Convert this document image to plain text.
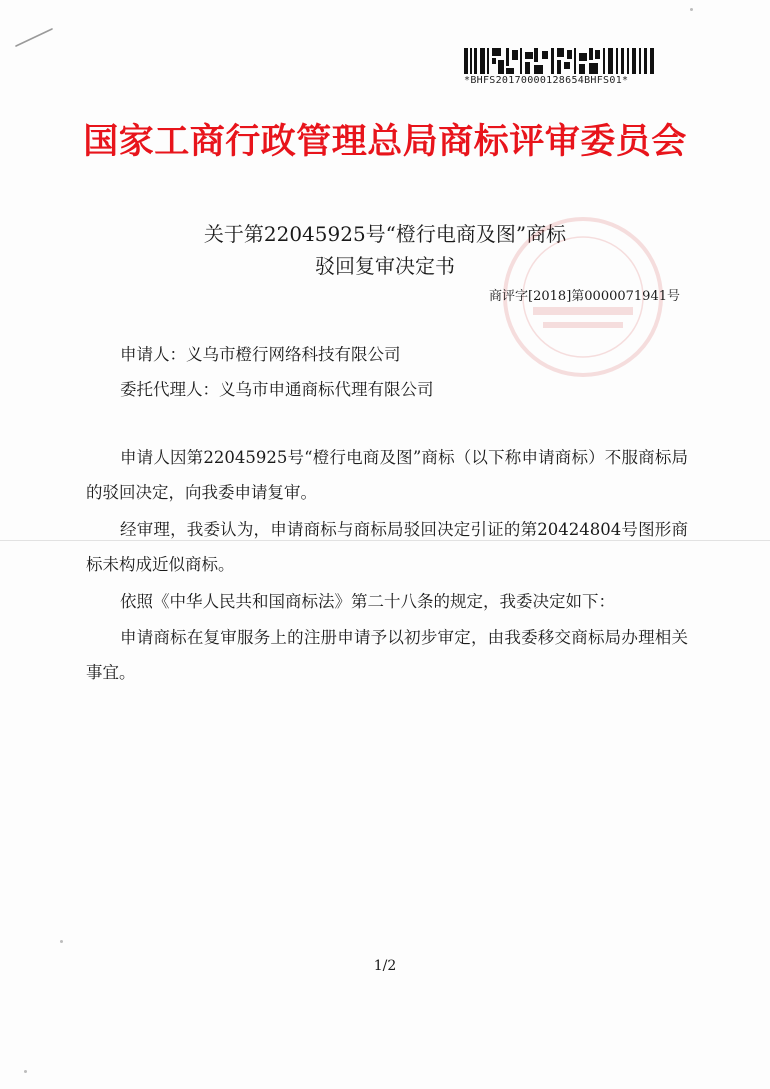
*BHFS20170000128654BHFS01*
国家工商行政管理总局商标评审委员会
关于第22045925号“橙行电商及图”商标
驳回复审决定书
商评字[2018]第0000071941号
申请人：义乌市橙行网络科技有限公司
委托代理人：义乌市申通商标代理有限公司

申请人因第22045925号“橙行电商及图”商标（以下称申请商标）不服商标局的驳回决定，向我委申请复审。

经审理，我委认为，申请商标与商标局驳回决定引证的第20424804号图形商标未构成近似商标。

依照《中华人民共和国商标法》第二十八条的规定，我委决定如下：

申请商标在复审服务上的注册申请予以初步审定，由我委移交商标局办理相关事宜。

1/2
